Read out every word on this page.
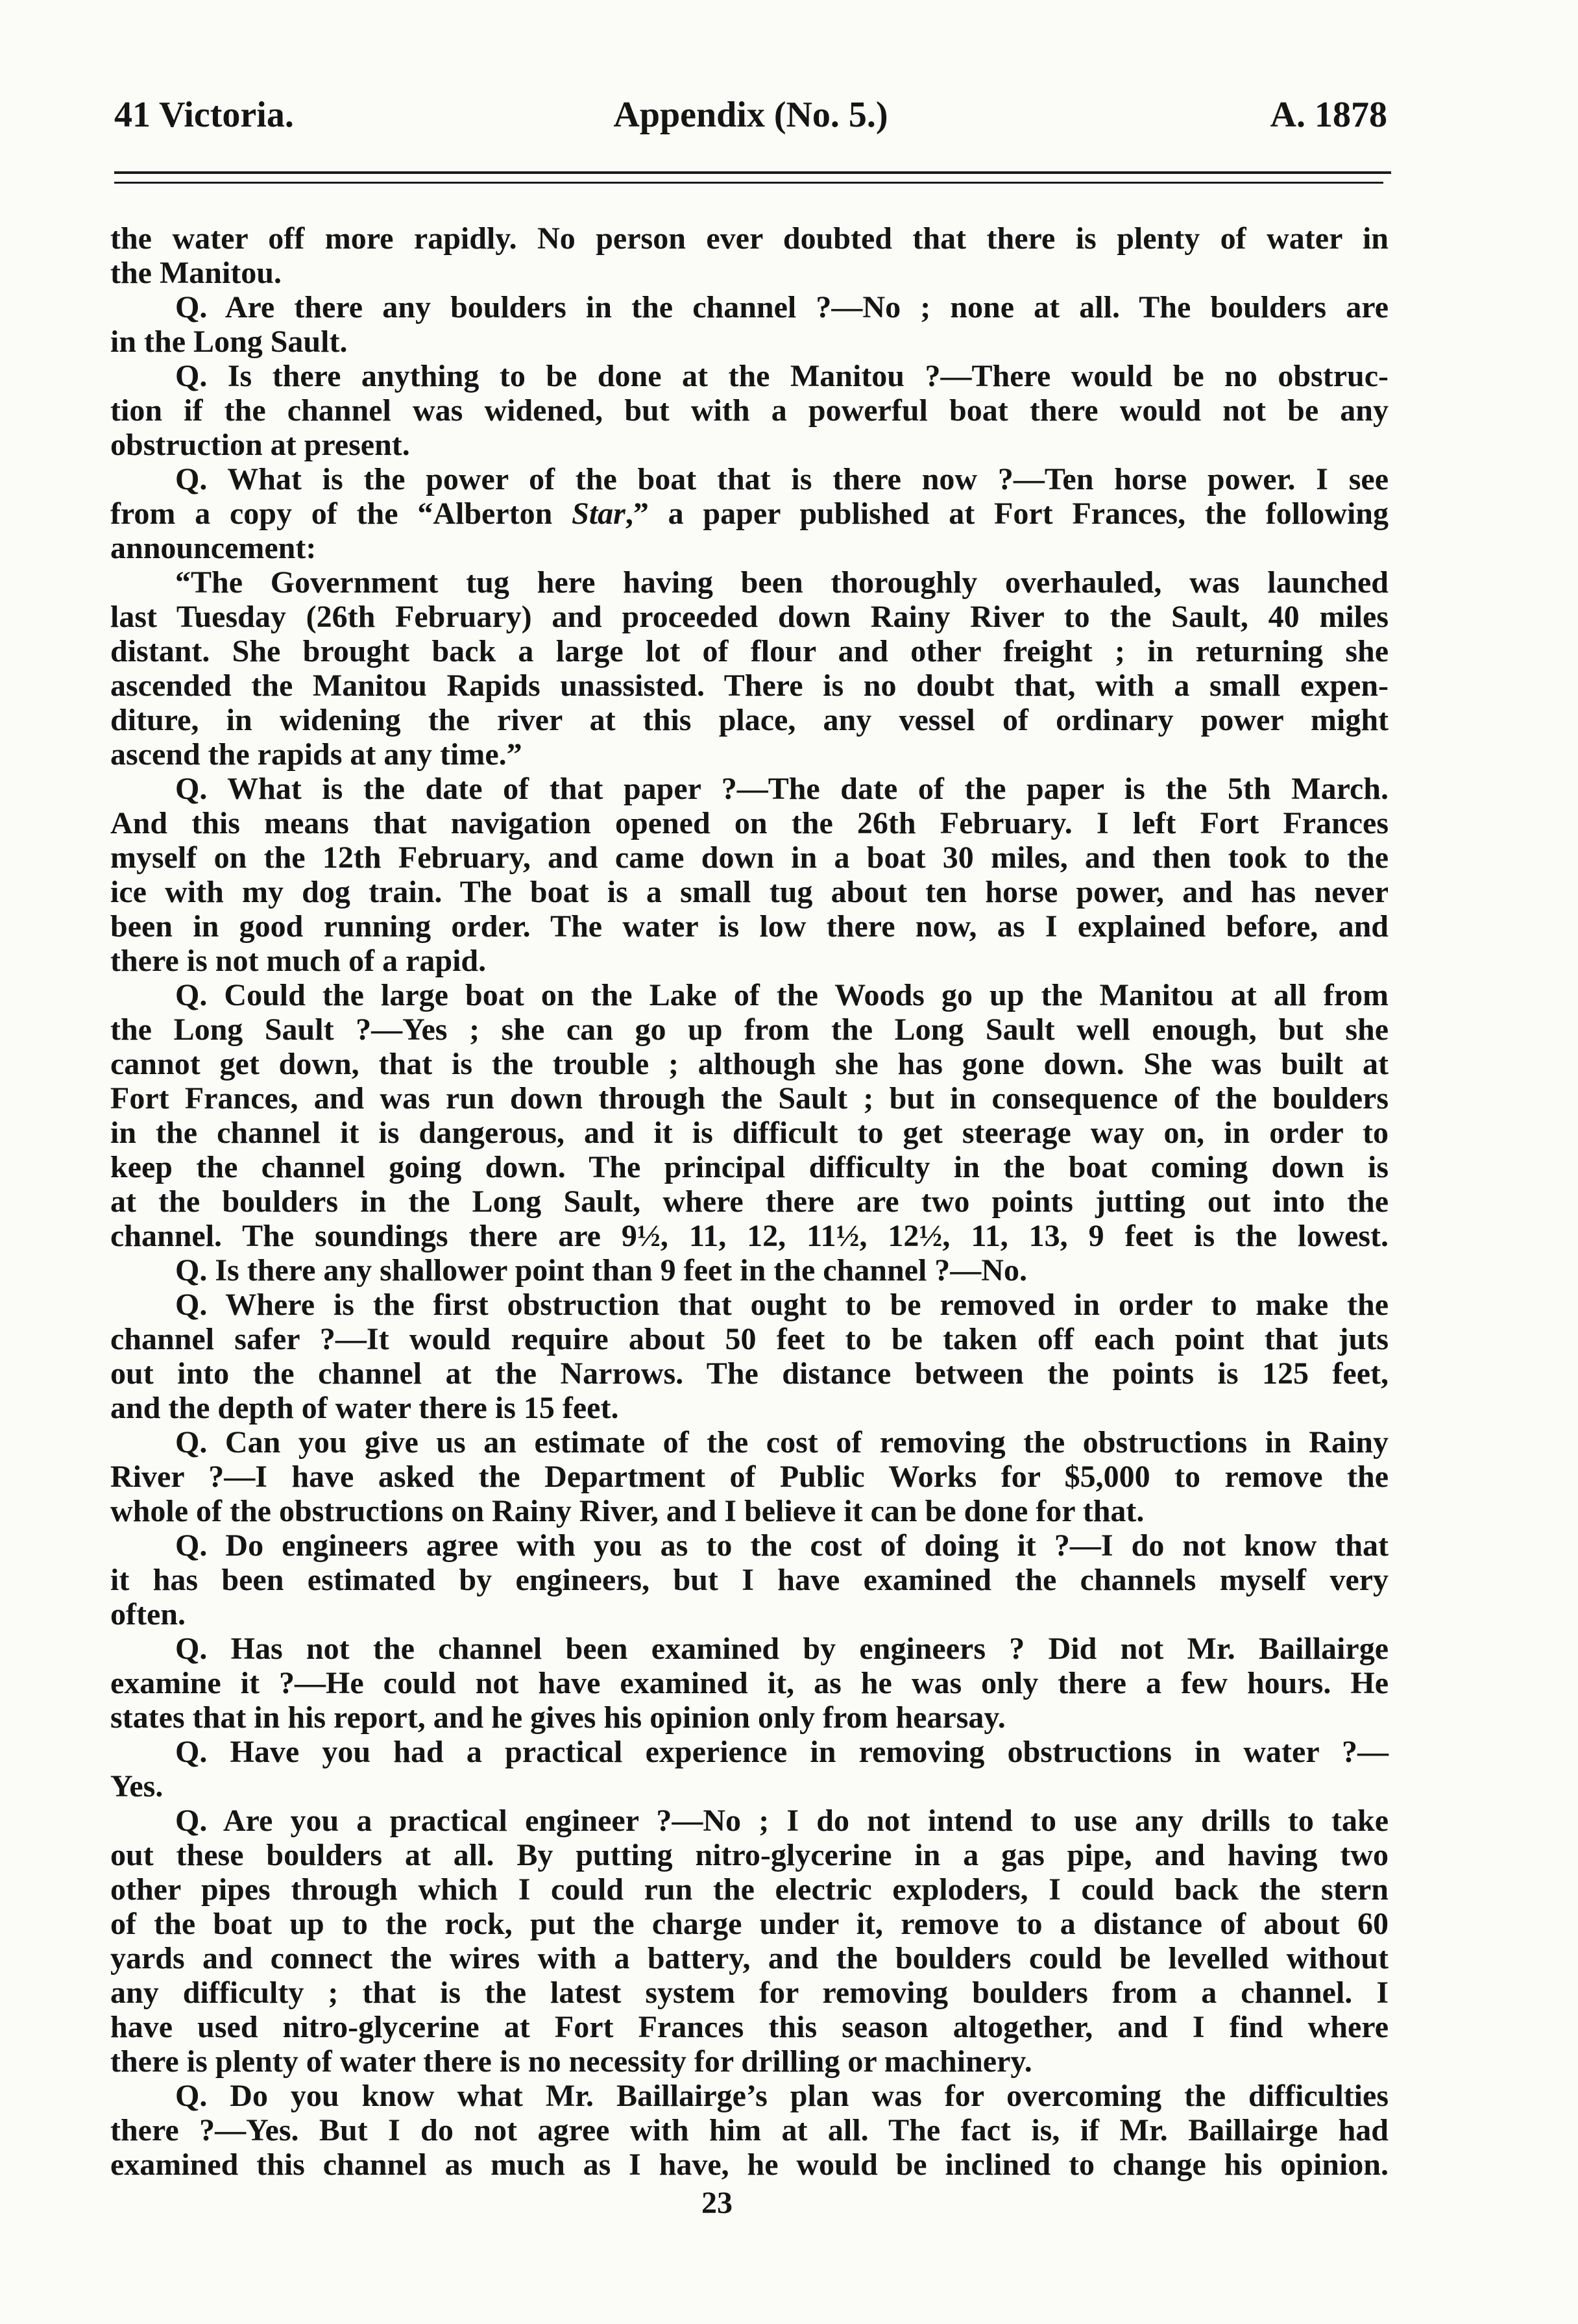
41 Victoria.	Appendix (No. 5.)	A. 1878
the water off more rapidly. No person ever doubted that there is plenty of water in
the Manitou.
Q. Are there any boulders in the channel ?—No ; none at all. The boulders are
in the Long Sault.
Q. Is there anything to be done at the Manitou ?—There would be no obstruc-
tion if the channel was widened, but with a powerful boat there would not be any
obstruction at present.
Q. What is the power of the boat that is there now ?—Ten horse power. I see
from a copy of the “Alberton Star,” a paper published at Fort Frances, the following
announcement:
“The Government tug here having been thoroughly overhauled, was launched
last Tuesday (26th February) and proceeded down Rainy River to the Sault, 40 miles
distant. She brought back a large lot of flour and other freight ; in returning she
ascended the Manitou Rapids unassisted. There is no doubt that, with a small expen-
diture, in widening the river at this place, any vessel of ordinary power might
ascend the rapids at any time.”
Q. What is the date of that paper ?—The date of the paper is the 5th March.
And this means that navigation opened on the 26th February. I left Fort Frances
myself on the 12th February, and came down in a boat 30 miles, and then took to the
ice with my dog train. The boat is a small tug about ten horse power, and has never
been in good running order. The water is low there now, as I explained before, and
there is not much of a rapid.
Q. Could the large boat on the Lake of the Woods go up the Manitou at all from
the Long Sault ?—Yes ; she can go up from the Long Sault well enough, but she
cannot get down, that is the trouble ; although she has gone down. She was built at
Fort Frances, and was run down through the Sault ; but in consequence of the boulders
in the channel it is dangerous, and it is difficult to get steerage way on, in order to
keep the channel going down. The principal difficulty in the boat coming down is
at the boulders in the Long Sault, where there are two points jutting out into the
channel. The soundings there are 9½, 11, 12, 11½, 12½, 11, 13, 9 feet is the lowest.
Q. Is there any shallower point than 9 feet in the channel ?—No.
Q. Where is the first obstruction that ought to be removed in order to make the
channel safer ?—It would require about 50 feet to be taken off each point that juts
out into the channel at the Narrows. The distance between the points is 125 feet,
and the depth of water there is 15 feet.
Q. Can you give us an estimate of the cost of removing the obstructions in Rainy
River ?—I have asked the Department of Public Works for $5,000 to remove the
whole of the obstructions on Rainy River, and I believe it can be done for that.
Q. Do engineers agree with you as to the cost of doing it ?—I do not know that
it has been estimated by engineers, but I have examined the channels myself very
often.
Q. Has not the channel been examined by engineers ? Did not Mr. Baillairge
examine it ?—He could not have examined it, as he was only there a few hours. He
states that in his report, and he gives his opinion only from hearsay.
Q. Have you had a practical experience in removing obstructions in water ?—
Yes.
Q. Are you a practical engineer ?—No ; I do not intend to use any drills to take
out these boulders at all. By putting nitro-glycerine in a gas pipe, and having two
other pipes through which I could run the electric exploders, I could back the stern
of the boat up to the rock, put the charge under it, remove to a distance of about 60
yards and connect the wires with a battery, and the boulders could be levelled without
any difficulty ; that is the latest system for removing boulders from a channel. I
have used nitro-glycerine at Fort Frances this season altogether, and I find where
there is plenty of water there is no necessity for drilling or machinery.
Q. Do you know what Mr. Baillairge’s plan was for overcoming the difficulties
there ?—Yes. But I do not agree with him at all. The fact is, if Mr. Baillairge had
examined this channel as much as I have, he would be inclined to change his opinion.
23
